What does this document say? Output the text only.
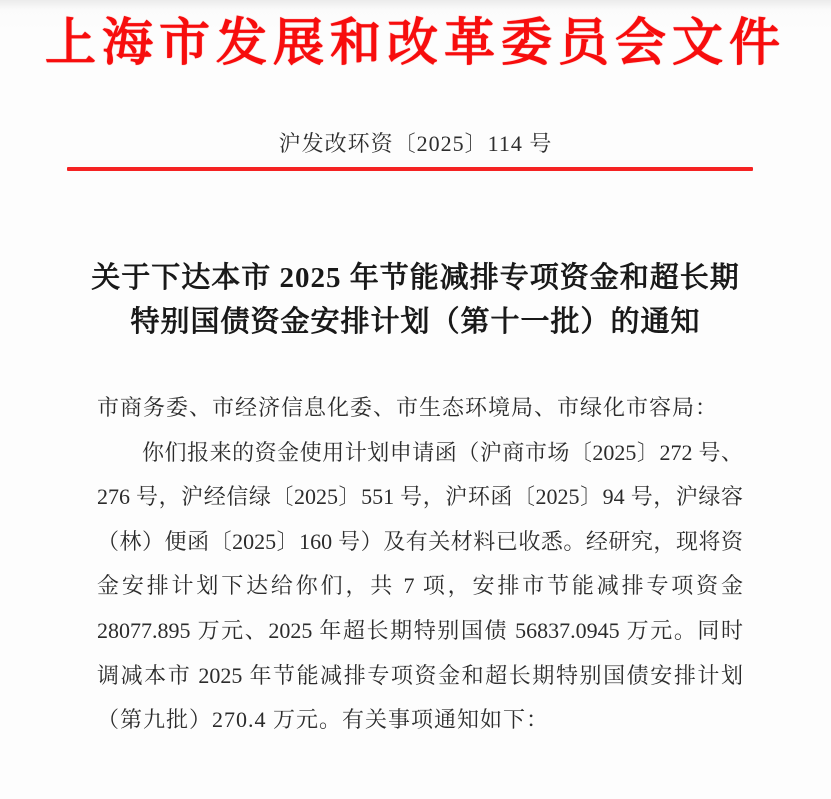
上海市发展和改革委员会文件
沪发改环资〔2025〕114 号
关于下达本市 2025 年节能减排专项资金和超长期
特别国债资金安排计划（第十一批）的通知
市商务委、市经济信息化委、市生态环境局、市绿化市容局：
　　你们报来的资金使用计划申请函（沪商市场〔2025〕272 号、
276 号，沪经信绿〔2025〕551 号，沪环函〔2025〕94 号，沪绿容
（林）便函〔2025〕160 号）及有关材料已收悉。经研究，现将资
金安排计划下达给你们，共 7 项，安排市节能减排专项资金
28077.895 万元、2025 年超长期特别国债 56837.0945 万元。同时
调减本市 2025 年节能减排专项资金和超长期特别国债安排计划
（第九批）270.4 万元。有关事项通知如下：
